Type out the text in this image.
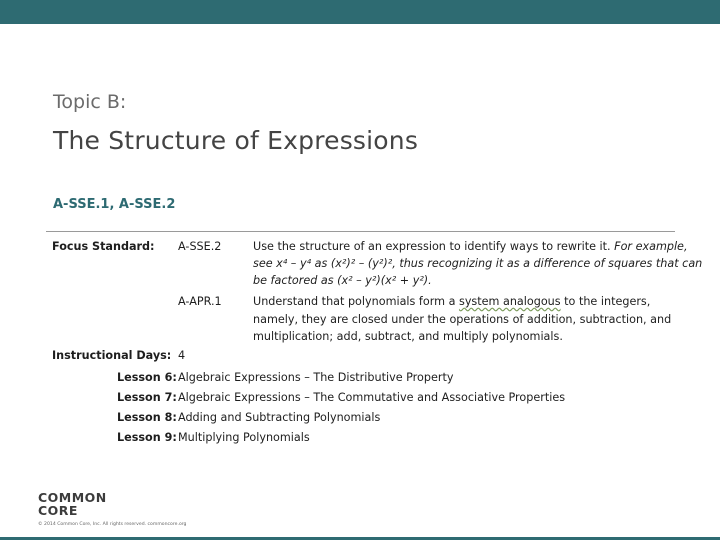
Topic B:
The Structure of Expressions
A-SSE.1, A-SSE.2
Focus Standard: A-SSE.2	Use the structure of an expression to identify ways to rewrite it. For example,
see x⁴ – y⁴ as (x²)² – (y²)², thus recognizing it as a difference of squares that can
be factored as (x² – y²)(x² + y²).
A-APR.1	Understand that polynomials form a system analogous to the integers,
namely, they are closed under the operations of addition, subtraction, and
multiplication; add, subtract, and multiply polynomials.
Instructional Days: 4
Lesson 6: Algebraic Expressions – The Distributive Property
Lesson 7: Algebraic Expressions – The Commutative and Associative Properties
Lesson 8: Adding and Subtracting Polynomials
Lesson 9: Multiplying Polynomials
COMMON
CORE
© 2014 Common Core, Inc. All rights reserved. commoncore.org
